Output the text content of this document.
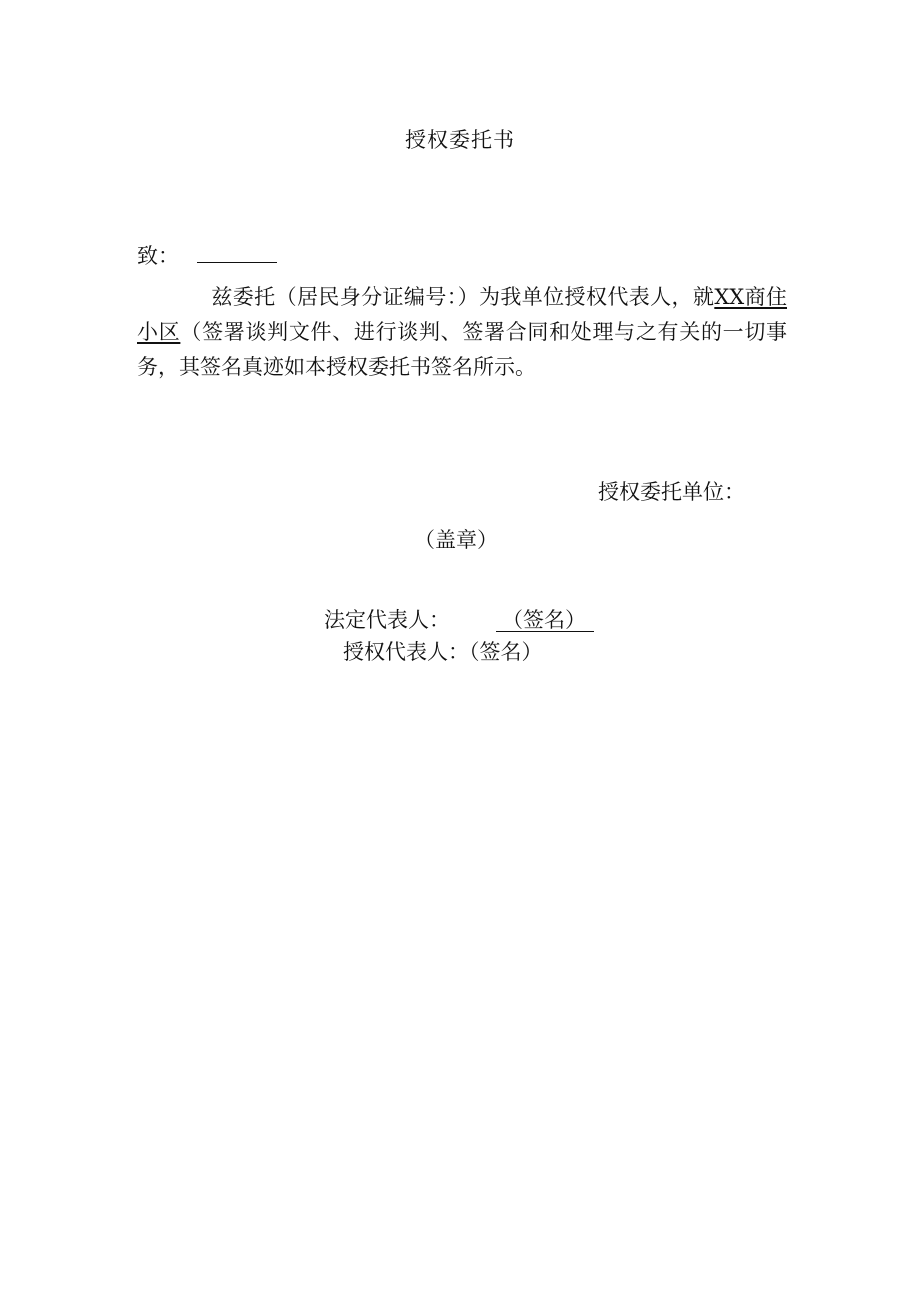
授权委托书
致：
兹委托（居民身分证编号：）为我单位授权代表人，就XX商住小区（签署谈判文件、进行谈判、签署合同和处理与之有关的一切事务，其签名真迹如本授权委托书签名所示。
授权委托单位：
（盖章）
法定代表人： （签名）
授权代表人：（签名）
